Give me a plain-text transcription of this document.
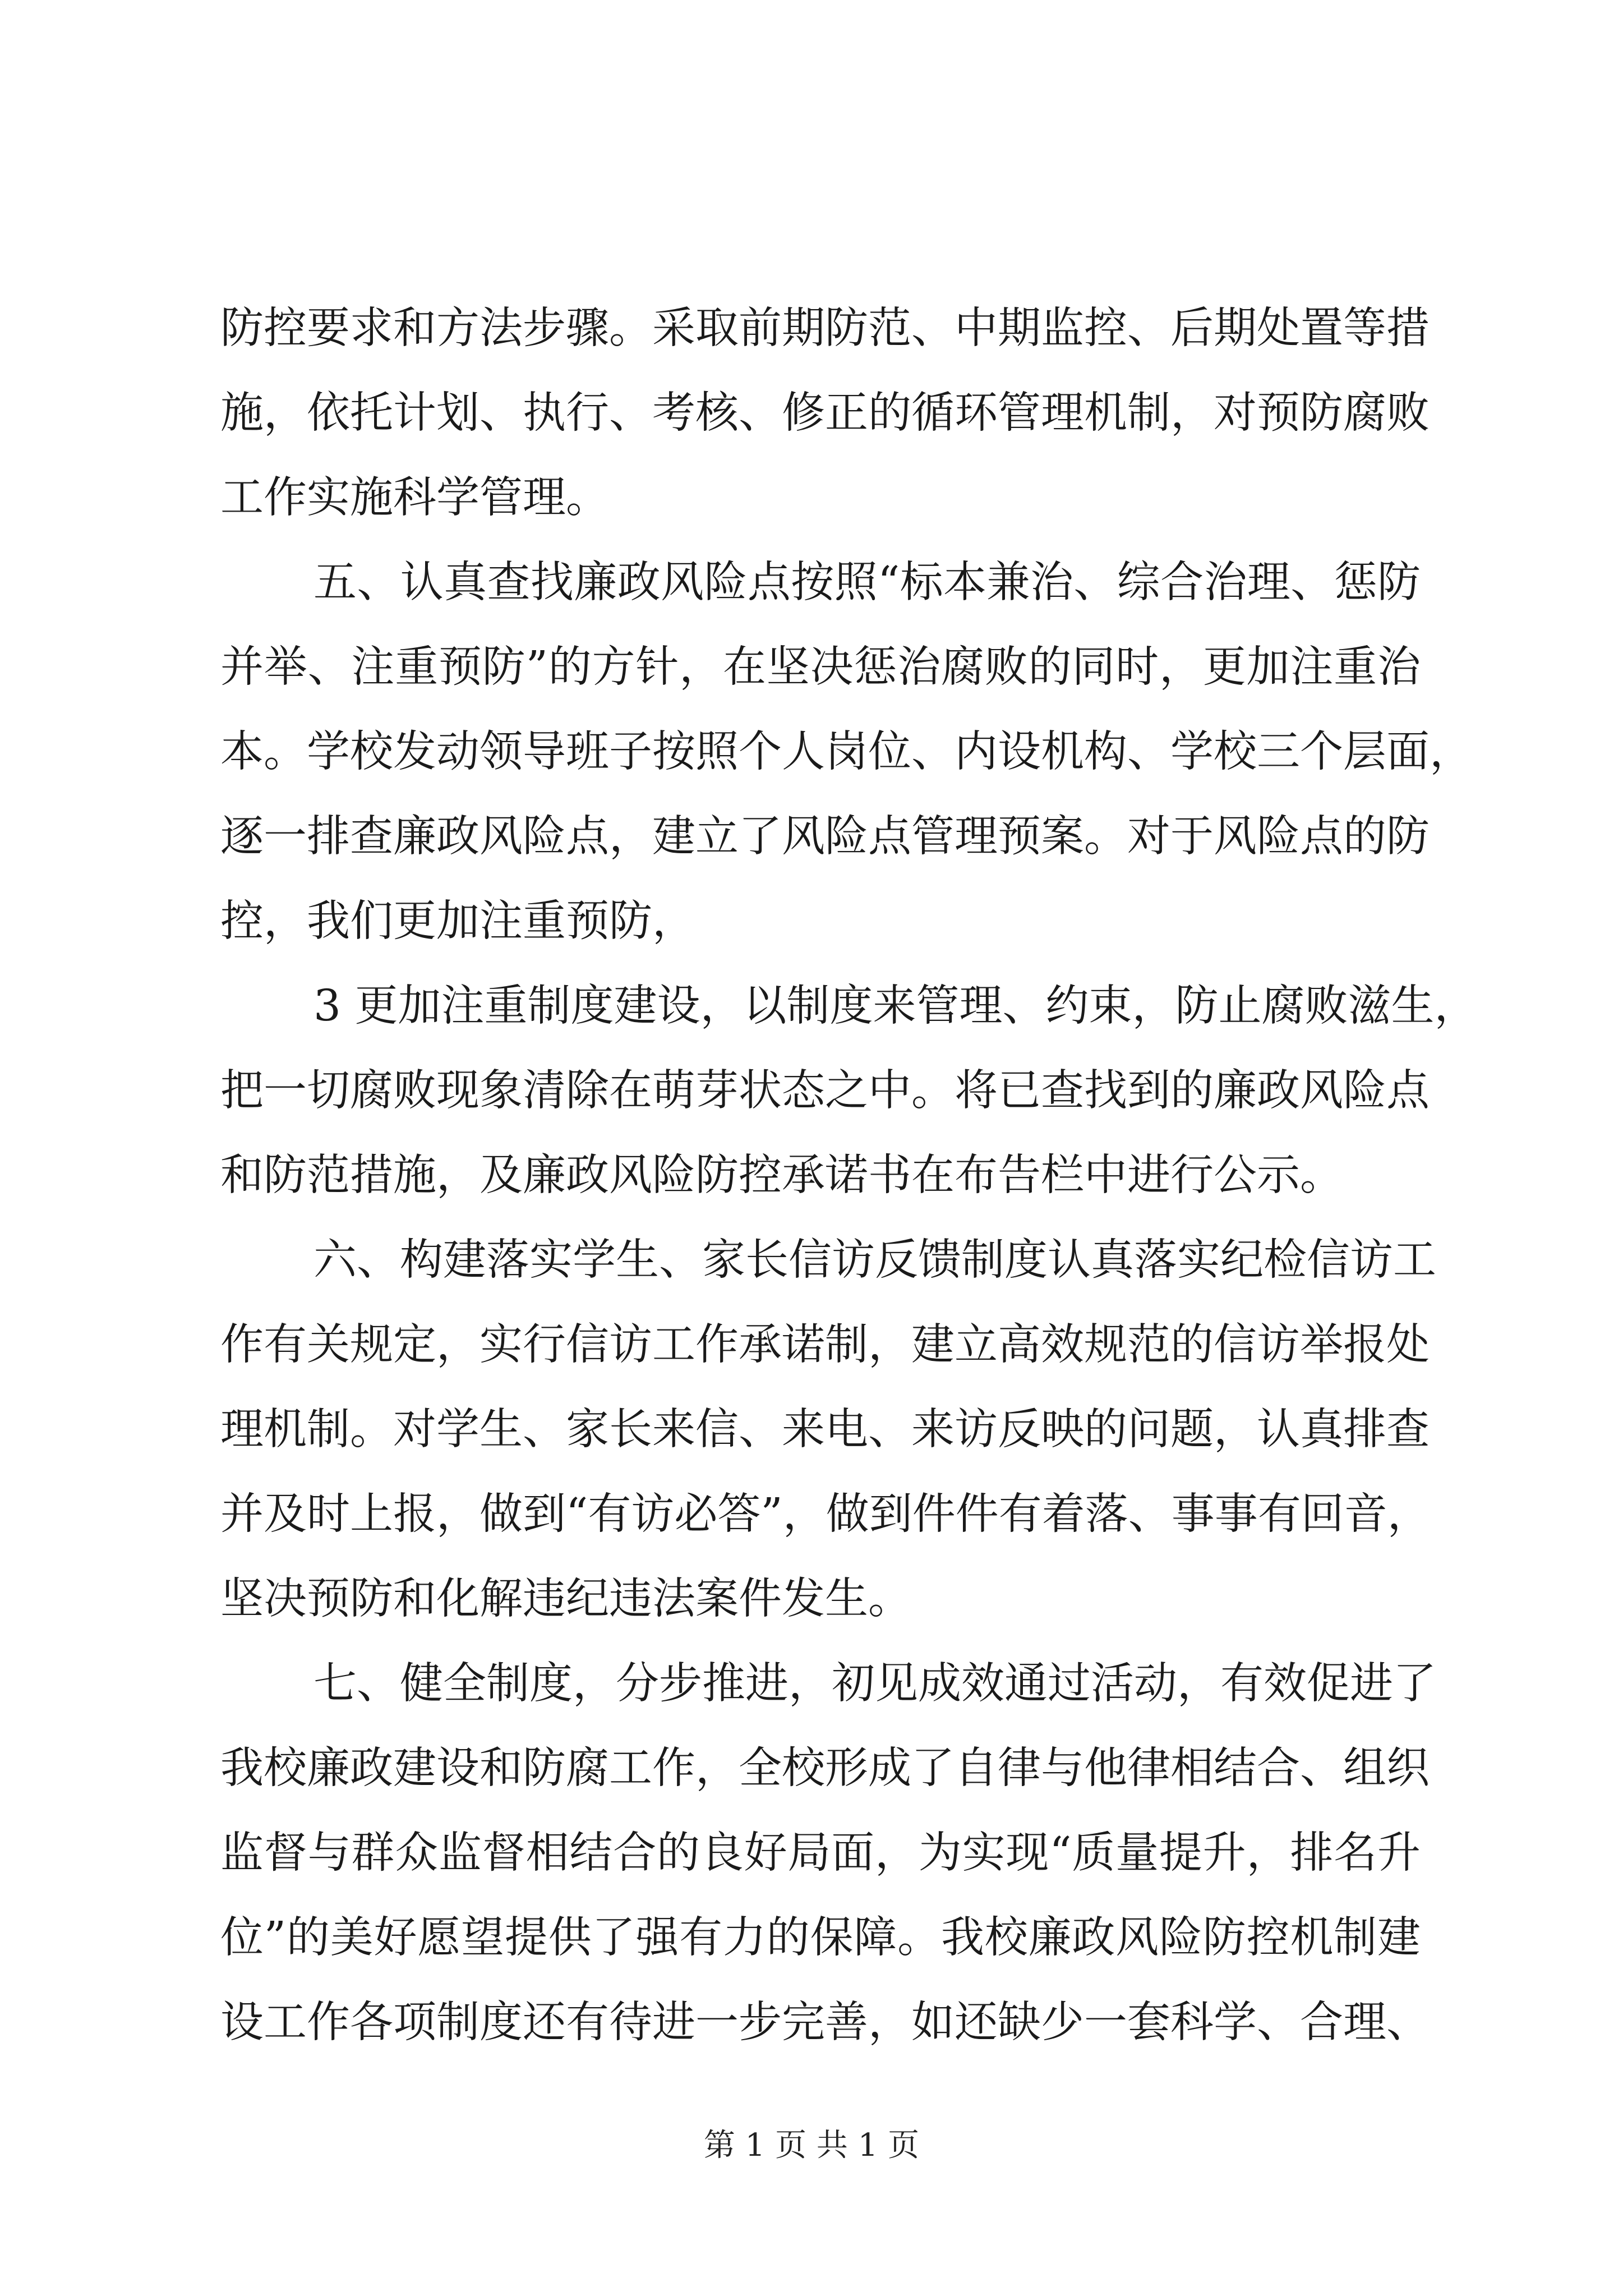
防控要求和方法步骤。采取前期防范、中期监控、后期处置等措
施，依托计划、执行、考核、修正的循环管理机制，对预防腐败
工作实施科学管理。
五、认真查找廉政风险点按照“标本兼治、综合治理、惩防
并举、注重预防”的方针，在坚决惩治腐败的同时，更加注重治
本。学校发动领导班子按照个人岗位、内设机构、学校三个层面，
逐一排查廉政风险点，建立了风险点管理预案。对于风险点的防
控，我们更加注重预防，
3 更加注重制度建设，以制度来管理、约束，防止腐败滋生，
把一切腐败现象清除在萌芽状态之中。将已查找到的廉政风险点
和防范措施，及廉政风险防控承诺书在布告栏中进行公示。
六、构建落实学生、家长信访反馈制度认真落实纪检信访工
作有关规定，实行信访工作承诺制，建立高效规范的信访举报处
理机制。对学生、家长来信、来电、来访反映的问题，认真排查
并及时上报，做到“有访必答”，做到件件有着落、事事有回音，
坚决预防和化解违纪违法案件发生。
七、健全制度，分步推进，初见成效通过活动，有效促进了
我校廉政建设和防腐工作，全校形成了自律与他律相结合、组织
监督与群众监督相结合的良好局面，为实现“质量提升，排名升
位”的美好愿望提供了强有力的保障。我校廉政风险防控机制建
设工作各项制度还有待进一步完善，如还缺少一套科学、合理、
第 1 页 共 1 页
